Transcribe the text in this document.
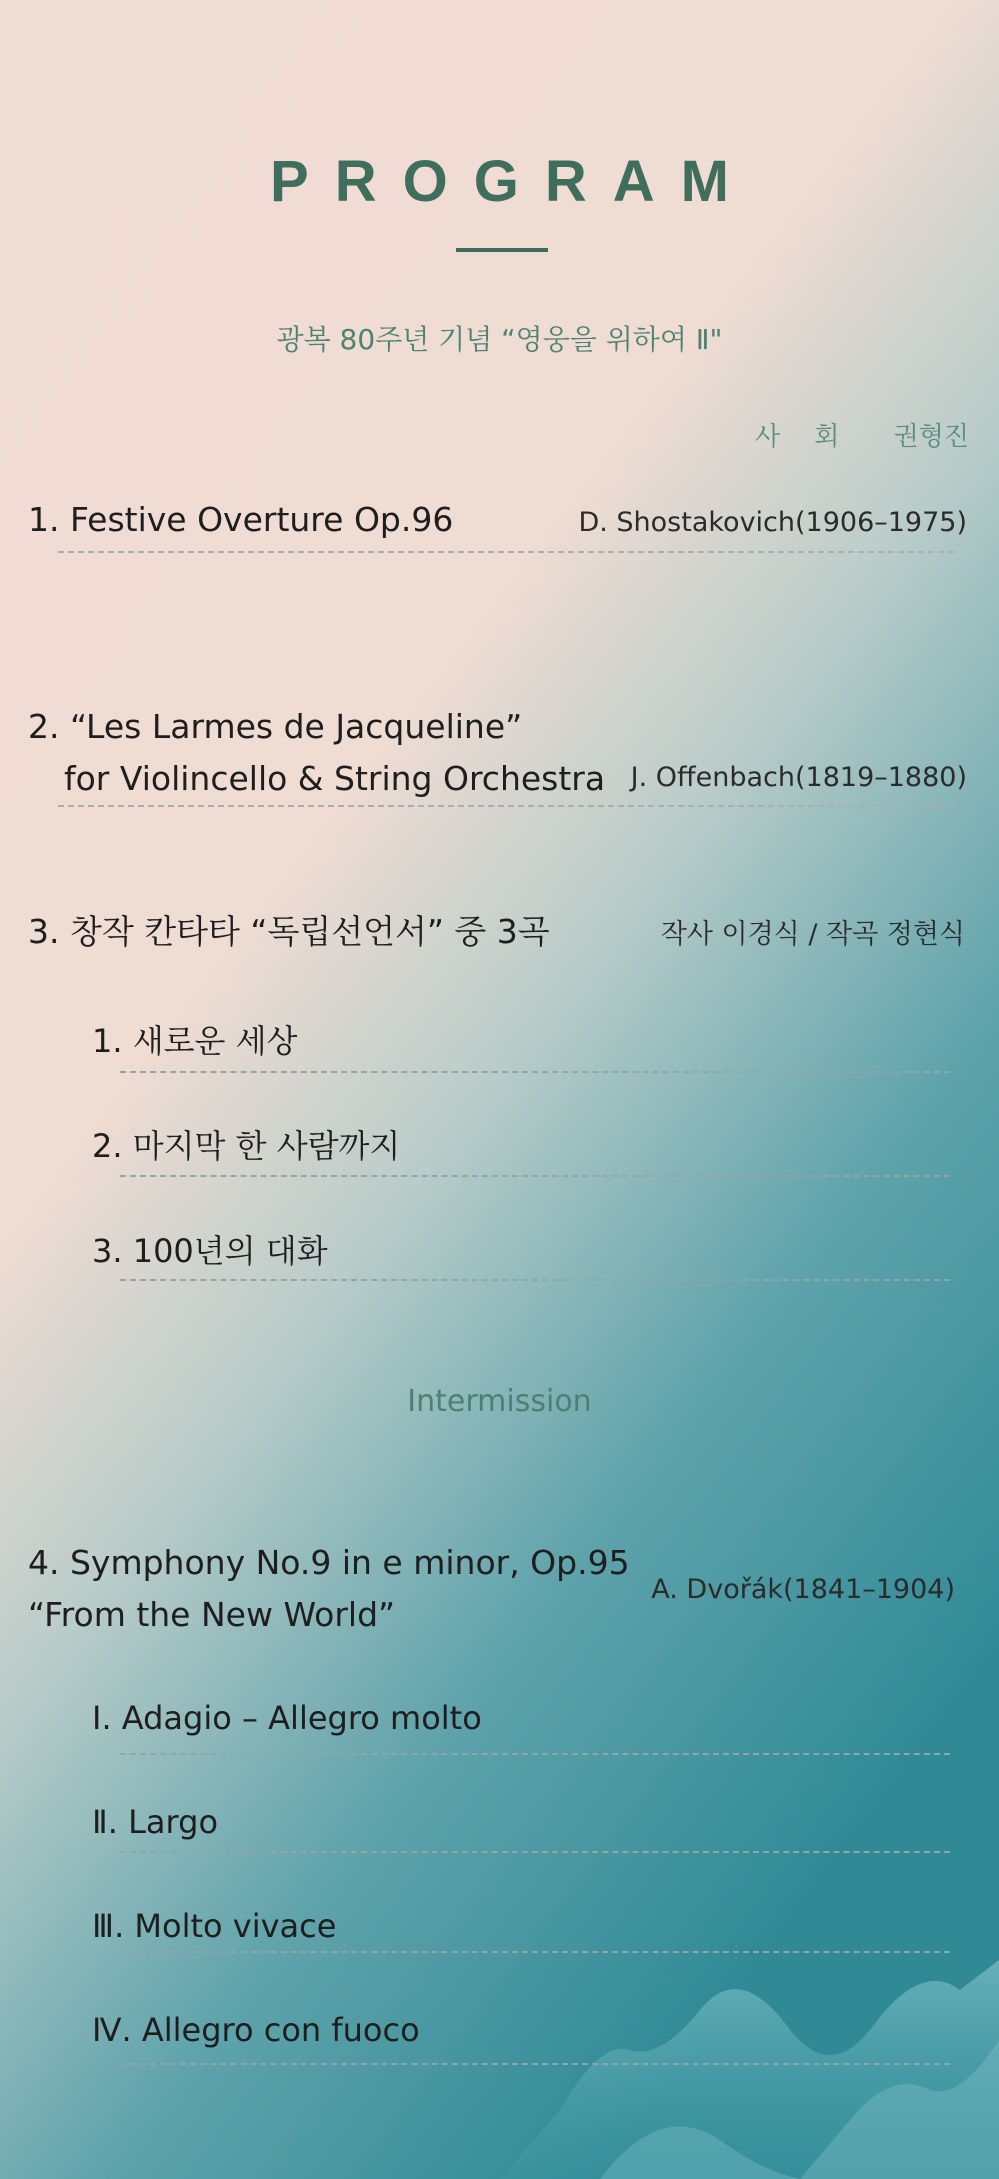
PROGRAM
광복 80주년 기념 “영웅을 위하여 Ⅱ"
사 회 권형진
1. Festive Overture Op.96	D. Shostakovich(1906–1975)
2. “Les Larmes de Jacqueline”
for Violincello & String Orchestra J. Offenbach(1819–1880)
3. 창작 칸타타 “독립선언서” 중 3곡	작사 이경식 / 작곡 정현식
1. 새로운 세상
2. 마지막 한 사람까지
3. 100년의 대화
Intermission
4. Symphony No.9 in e minor, Op.95
“From the New World”
A. Dvořák(1841–1904)
Ⅰ. Adagio – Allegro molto
Ⅱ. Largo
Ⅲ. Molto vivace
Ⅳ. Allegro con fuoco
